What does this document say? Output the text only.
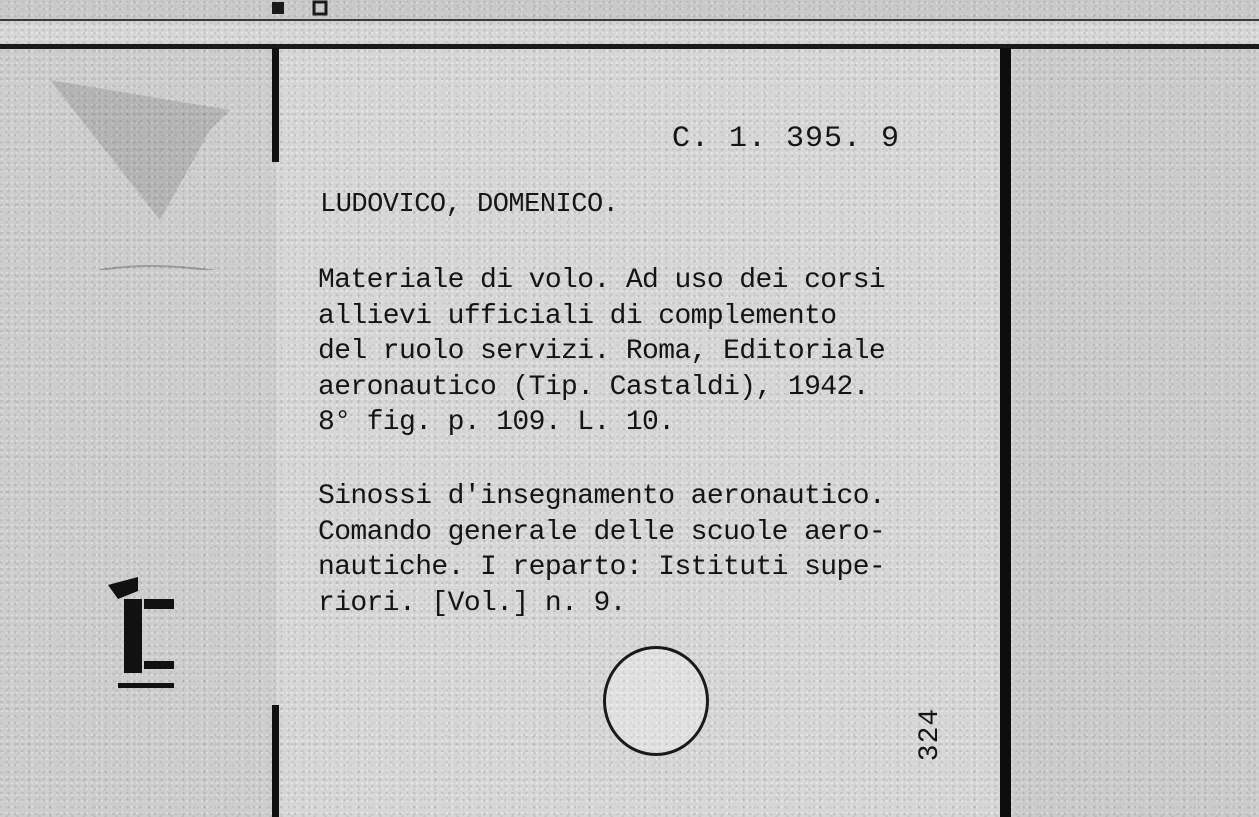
C. 1. 395. 9
LUDOVICO, DOMENICO.
Materiale di volo. Ad uso dei corsi
allievi ufficiali di complemento
del ruolo servizi. Roma, Editoriale
aeronautico (Tip. Castaldi), 1942.
8° fig. p. 109. L. 10.
Sinossi d'insegnamento aeronautico.
Comando generale delle scuole aero-
nautiche. I reparto: Istituti supe-
riori. [Vol.] n. 9.
324
